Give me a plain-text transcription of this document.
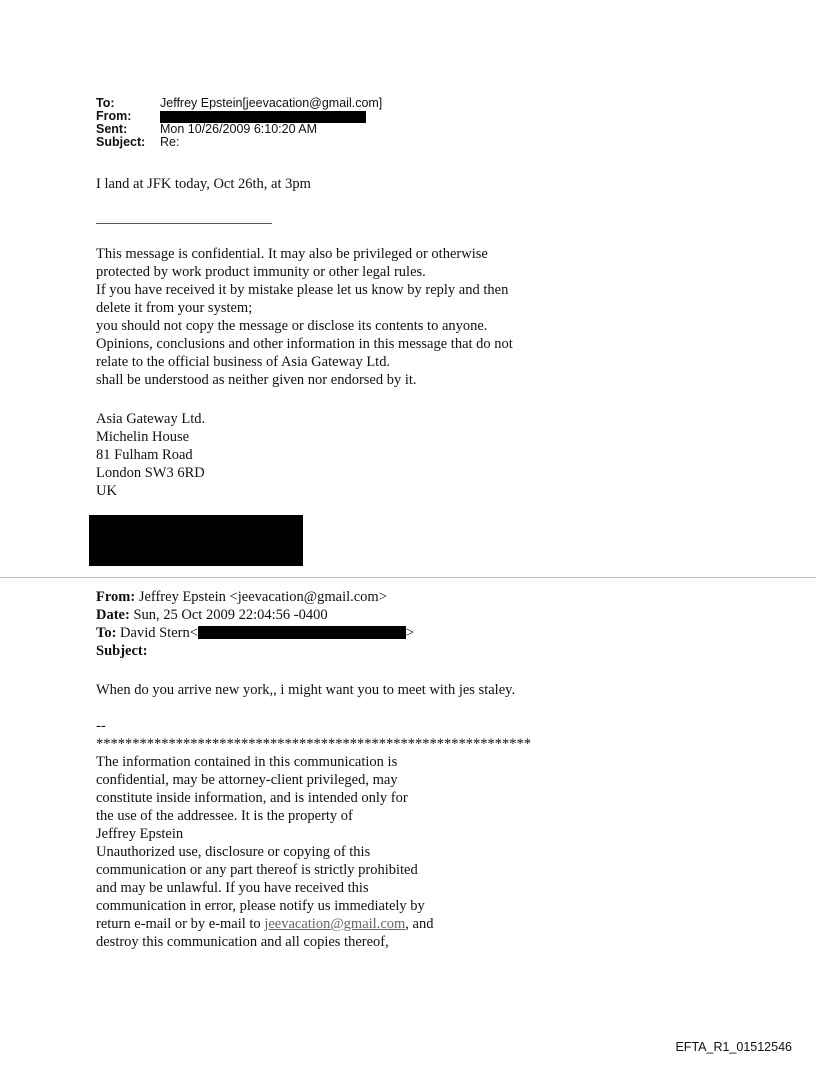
To:	Jeffrey Epstein[jeevacation@gmail.com]
From:
Sent:	Mon 10/26/2009 6:10:20 AM
Subject:	Re:
I land at JFK today, Oct 26th, at 3pm
This message is confidential. It may also be privileged or otherwise
protected by work product immunity or other legal rules.
If you have received it by mistake please let us know by reply and then
delete it from your system;
you should not copy the message or disclose its contents to anyone.
Opinions, conclusions and other information in this message that do not
relate to the official business of Asia Gateway Ltd.
shall be understood as neither given nor endorsed by it.
Asia Gateway Ltd.
Michelin House
81 Fulham Road
London SW3 6RD
UK
From: Jeffrey Epstein <jeevacation@gmail.com>
Date: Sun, 25 Oct 2009 22:04:56 -0400
To: David Stern<	>
Subject:
When do you arrive new york,, i might want you to meet with jes staley.
--
************************************************************
The information contained in this communication is
confidential, may be attorney-client privileged, may
constitute inside information, and is intended only for
the use of the addressee. It is the property of
Jeffrey Epstein
Unauthorized use, disclosure or copying of this
communication or any part thereof is strictly prohibited
and may be unlawful. If you have received this
communication in error, please notify us immediately by
return e-mail or by e-mail to jeevacation@gmail.com, and
destroy this communication and all copies thereof,
EFTA_R1_01512546
